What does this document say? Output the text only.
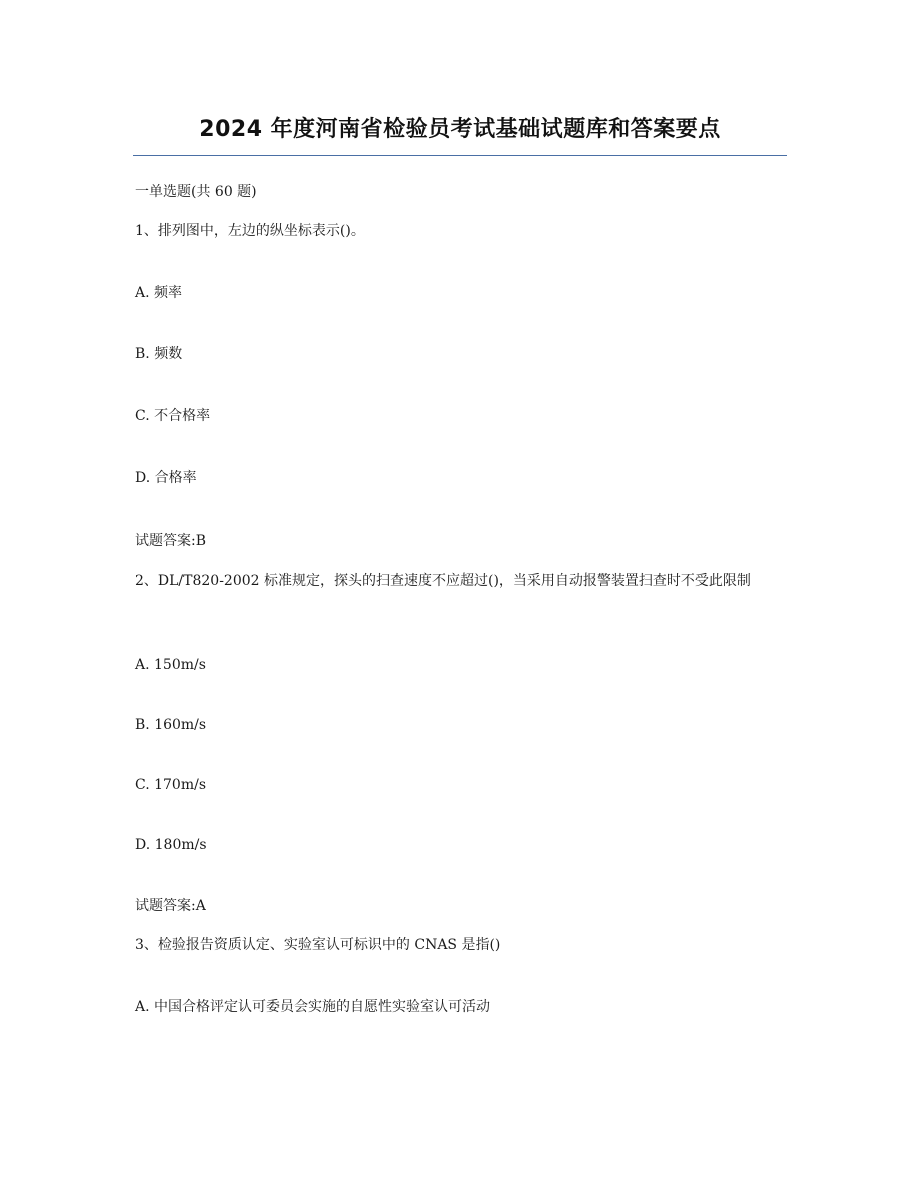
2024 年度河南省检验员考试基础试题库和答案要点
一单选题(共 60 题)
1、排列图中，左边的纵坐标表示()。
A. 频率
B. 频数
C. 不合格率
D. 合格率
试题答案:B
2、DL/T820-2002 标准规定，探头的扫查速度不应超过()，当采用自动报警装置扫查时不受此限制
A. 150m/s
B. 160m/s
C. 170m/s
D. 180m/s
试题答案:A
3、检验报告资质认定、实验室认可标识中的 CNAS 是指()
A. 中国合格评定认可委员会实施的自愿性实验室认可活动
